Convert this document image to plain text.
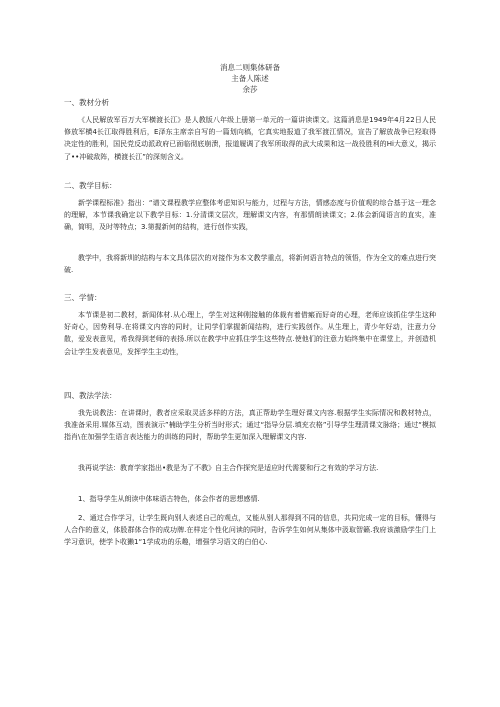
消息二则集体研备
主备人陈述
余莎
一、教材分析

《人民解放军百万大军横渡长江》是人教版八年级上册第一单元的一篇讲读课文。这篇消息是1949年4月22日人民修放军横4长江取得胜利后，E泽东主席亲自写的一篇划向稿，它真实地报道了我军渡江情况，宣告了解放战争已羟取得决定性的胜利，国民党反动派政府已面临彻底崩溃，报道履调了我军所取得的武大成果和这一战役胜利的Hi大意义，揭示了••冲破敌阵，横渡长江”的深刻含义。

二、教学目标：

新学课程标准》指出：“谱文课程教学应整体考虑知识与能力，过程与方法，情感态度与价值观的综合基于这一理念的理解，本节课我确定以下教学目标：1.分清课文层次，理解课文内容，有那情朗读课文；2.体会新闻语言的直实，准确，简明，及时等特点；3.第握新何的结构，进行创作实践，

教学中，我将新圳的结构与本文具体层次的对接作为本文教学重点，将新何语言特点的领悟，作为全文的难点进行突破.

三、学情：

本节课是初二教材，新闻体材.从心理上，学生对这种刚接触的体裁有着借瘢而好奇的心理，老师应该抓住学生这种好奇心，因势利导.在将课文内容的同时，让同学们掌握新闻结构，进行实践创作。从生理上，青少年好动，注意力分散，爱发表意见，希我得到老师的表扬.所以在教学中应抓住学生这些特点.使他们的注意力始终集中在课堂上，并创造机会让学生发表意见，发挥学生主动性，

四、教法学法：

我先说教法：在讲课时，教者应采取灵活多样的方法，真正帮助学生理好课文内容.根据学生实际情况和教材特点，我准备采用.媒体互动，图表演示”楠助学生分析当时形式；通过“指导分层.填充衣格”引导学生理清课文脉络；通过“模拟指肖\在加强学生语言表达能力的训练的同时，帮助学生更加深入理解课文内容.

我再说学法：教育学家指出•教是为了不教》自主合作探究是适应时代需要和行之有效的学习方法.

1、指导学生从朗读中体味语古特色，体会作者的思想感情.

2、通过合作学习，让学生既向别人表述自己的观点，又能从别人那得到不同的信息，共同完成一定的目标，懂得与人合作的意义，体股群体合作的成功牌.在样定个性化问读的同时，告诉学生如何从集体中汲取智籁.我府该激励学生门上学习意识，使学卜收獭1“1学成功的乐趣，增强学习语文的白伯心.
